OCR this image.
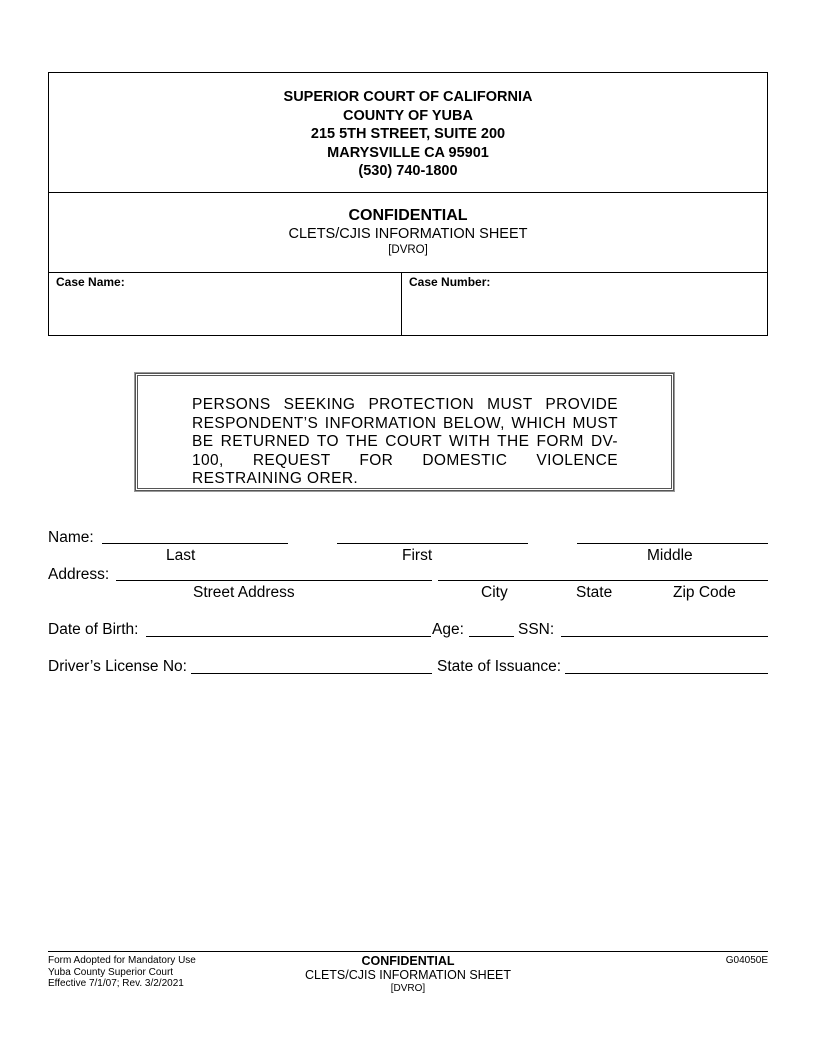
SUPERIOR COURT OF CALIFORNIA
COUNTY OF YUBA
215 5TH STREET, SUITE 200
MARYSVILLE CA 95901
(530) 740-1800
CONFIDENTIAL
CLETS/CJIS INFORMATION SHEET
[DVRO]
Case Name:	Case Number:
PERSONS SEEKING PROTECTION MUST PROVIDE RESPONDENT’S INFORMATION BELOW, WHICH MUST BE RETURNED TO THE COURT WITH THE FORM DV-100, REQUEST FOR DOMESTIC VIOLENCE RESTRAINING ORER.
Name:
Last	First	Middle
Address:
Street Address	City	State	Zip Code
Date of Birth:	Age:	SSN:
Driver’s License No:	State of Issuance:
Form Adopted for Mandatory Use
Yuba County Superior Court
Effective 7/1/07; Rev. 3/2/2021
CONFIDENTIAL
CLETS/CJIS INFORMATION SHEET
[DVRO]
G04050E
